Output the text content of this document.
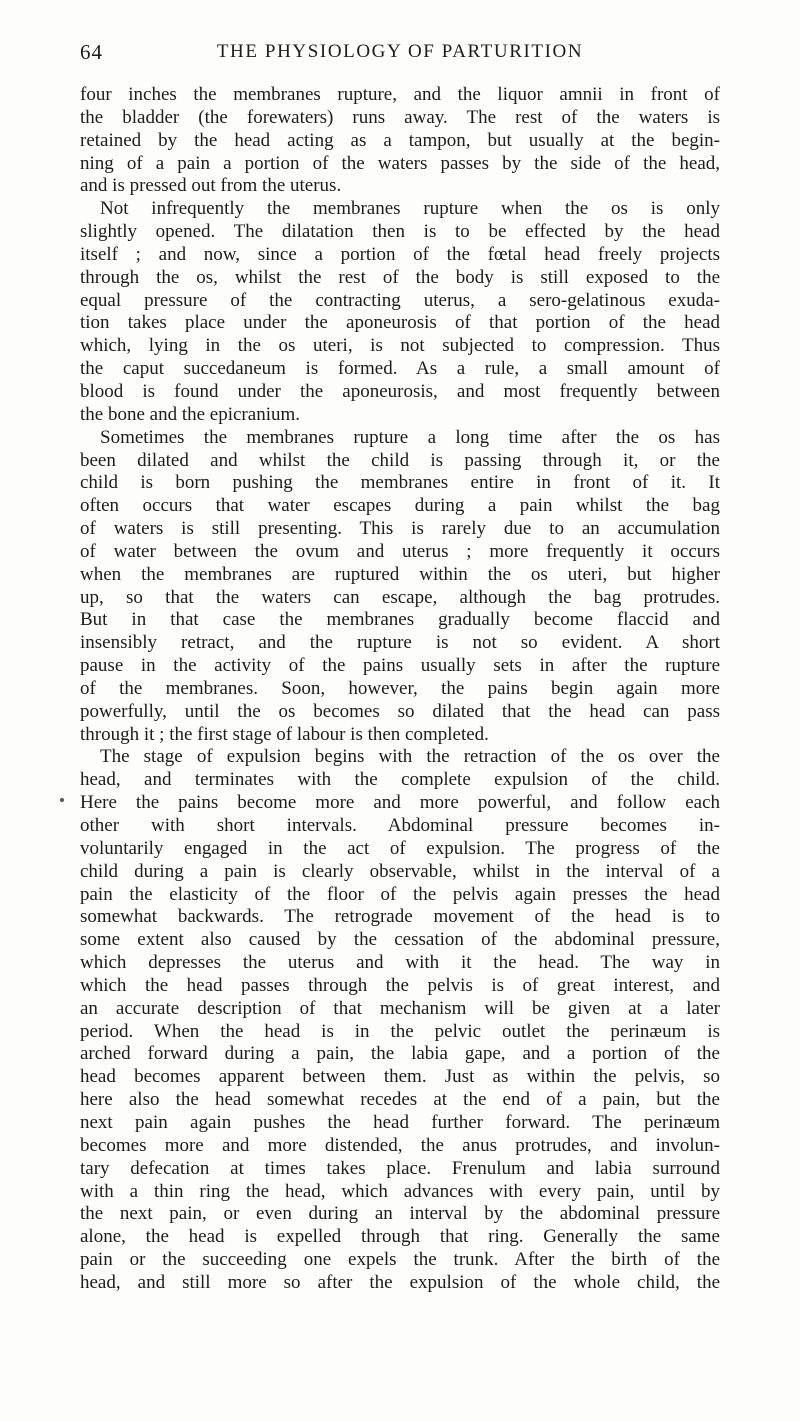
64	THE PHYSIOLOGY OF PARTURITION
four inches the membranes rupture, and the liquor amnii in front of
the bladder (the forewaters) runs away. The rest of the waters is
retained by the head acting as a tampon, but usually at the begin-
ning of a pain a portion of the waters passes by the side of the head,
and is pressed out from the uterus.
Not infrequently the membranes rupture when the os is only
slightly opened. The dilatation then is to be effected by the head
itself ; and now, since a portion of the fœtal head freely projects
through the os, whilst the rest of the body is still exposed to the
equal pressure of the contracting uterus, a sero-gelatinous exuda-
tion takes place under the aponeurosis of that portion of the head
which, lying in the os uteri, is not subjected to compression. Thus
the caput succedaneum is formed. As a rule, a small amount of
blood is found under the aponeurosis, and most frequently between
the bone and the epicranium.
Sometimes the membranes rupture a long time after the os has
been dilated and whilst the child is passing through it, or the
child is born pushing the membranes entire in front of it. It
often occurs that water escapes during a pain whilst the bag
of waters is still presenting. This is rarely due to an accumulation
of water between the ovum and uterus ; more frequently it occurs
when the membranes are ruptured within the os uteri, but higher
up, so that the waters can escape, although the bag protrudes.
But in that case the membranes gradually become flaccid and
insensibly retract, and the rupture is not so evident. A short
pause in the activity of the pains usually sets in after the rupture
of the membranes. Soon, however, the pains begin again more
powerfully, until the os becomes so dilated that the head can pass
through it ; the first stage of labour is then completed.
The stage of expulsion begins with the retraction of the os over the
head, and terminates with the complete expulsion of the child.
Here the pains become more and more powerful, and follow each
other with short intervals. Abdominal pressure becomes in-
voluntarily engaged in the act of expulsion. The progress of the
child during a pain is clearly observable, whilst in the interval of a
pain the elasticity of the floor of the pelvis again presses the head
somewhat backwards. The retrograde movement of the head is to
some extent also caused by the cessation of the abdominal pressure,
which depresses the uterus and with it the head. The way in
which the head passes through the pelvis is of great interest, and
an accurate description of that mechanism will be given at a later
period. When the head is in the pelvic outlet the perinæum is
arched forward during a pain, the labia gape, and a portion of the
head becomes apparent between them. Just as within the pelvis, so
here also the head somewhat recedes at the end of a pain, but the
next pain again pushes the head further forward. The perinæum
becomes more and more distended, the anus protrudes, and involun-
tary defecation at times takes place. Frenulum and labia surround
with a thin ring the head, which advances with every pain, until by
the next pain, or even during an interval by the abdominal pressure
alone, the head is expelled through that ring. Generally the same
pain or the succeeding one expels the trunk. After the birth of the
head, and still more so after the expulsion of the whole child, the
